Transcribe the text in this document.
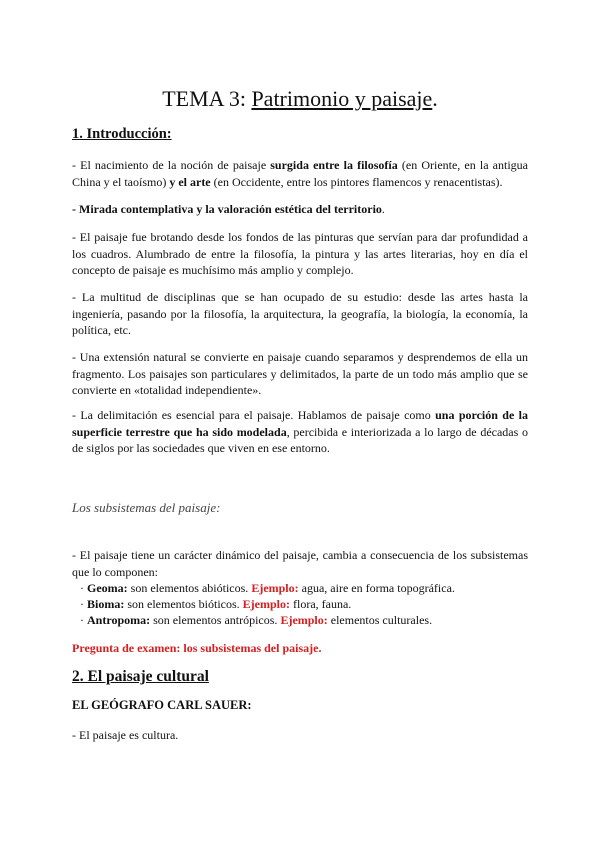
TEMA 3: Patrimonio y paisaje.
1. Introducción:
- El nacimiento de la noción de paisaje surgida entre la filosofía (en Oriente, en la antigua China y el taoísmo) y el arte (en Occidente, entre los pintores flamencos y renacentistas).
- Mirada contemplativa y la valoración estética del territorio.
- El paisaje fue brotando desde los fondos de las pinturas que servían para dar profundidad a los cuadros. Alumbrado de entre la filosofía, la pintura y las artes literarias, hoy en día el concepto de paisaje es muchísimo más amplio y complejo.
- La multitud de disciplinas que se han ocupado de su estudio: desde las artes hasta la ingeniería, pasando por la filosofía, la arquitectura, la geografía, la biología, la economía, la política, etc.
- Una extensión natural se convierte en paisaje cuando separamos y desprendemos de ella un fragmento. Los paisajes son particulares y delimitados, la parte de un todo más amplio que se convierte en «totalidad independiente».
- La delimitación es esencial para el paisaje. Hablamos de paisaje como una porción de la superficie terrestre que ha sido modelada, percibida e interiorizada a lo largo de décadas o de siglos por las sociedades que viven en ese entorno.
Los subsistemas del paisaje:
- El paisaje tiene un carácter dinámico del paisaje, cambia a consecuencia de los subsistemas que lo componen:
· Geoma: son elementos abióticos. Ejemplo: agua, aire en forma topográfica.
· Bioma: son elementos bióticos. Ejemplo: flora, fauna.
· Antropoma: son elementos antrópicos. Ejemplo: elementos culturales.
Pregunta de examen: los subsistemas del paisaje.
2. El paisaje cultural
EL GEÓGRAFO CARL SAUER:
- El paisaje es cultura.
